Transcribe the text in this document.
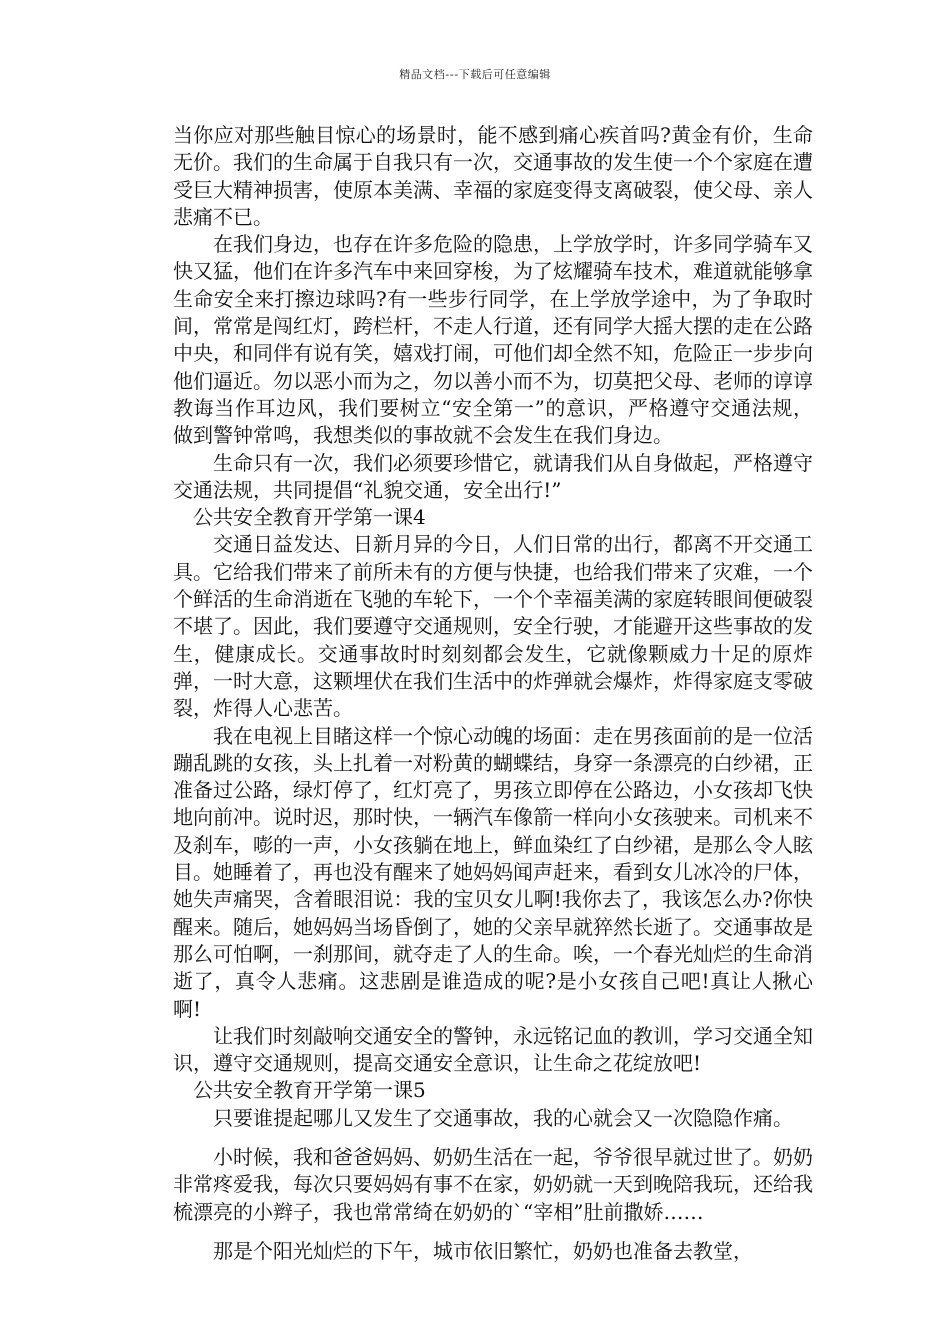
精品文档---下载后可任意编辑

当你应对那些触目惊心的场景时，能不感到痛心疾首吗?黄金有价，生命无价。我们的生命属于自我只有一次，交通事故的发生使一个个家庭在遭受巨大精神损害，使原本美满、幸福的家庭变得支离破裂，使父母、亲人悲痛不已。

在我们身边，也存在许多危险的隐患，上学放学时，许多同学骑车又快又猛，他们在许多汽车中来回穿梭，为了炫耀骑车技术，难道就能够拿生命安全来打擦边球吗?有一些步行同学，在上学放学途中，为了争取时间，常常是闯红灯，跨栏杆，不走人行道，还有同学大摇大摆的走在公路中央，和同伴有说有笑，嬉戏打闹，可他们却全然不知，危险正一步步向他们逼近。勿以恶小而为之，勿以善小而不为，切莫把父母、老师的谆谆教诲当作耳边风，我们要树立“安全第一”的意识，严格遵守交通法规，做到警钟常鸣，我想类似的事故就不会发生在我们身边。

生命只有一次，我们必须要珍惜它，就请我们从自身做起，严格遵守交通法规，共同提倡“礼貌交通，安全出行!”

公共安全教育开学第一课4

交通日益发达、日新月异的今日，人们日常的出行，都离不开交通工具。它给我们带来了前所未有的方便与快捷，也给我们带来了灾难，一个个鲜活的生命消逝在飞驰的车轮下，一个个幸福美满的家庭转眼间便破裂不堪了。因此，我们要遵守交通规则，安全行驶，才能避开这些事故的发生，健康成长。交通事故时时刻刻都会发生，它就像颗威力十足的原炸弹，一时大意，这颗埋伏在我们生活中的炸弹就会爆炸，炸得家庭支零破裂，炸得人心悲苦。

我在电视上目睹这样一个惊心动魄的场面：走在男孩面前的是一位活蹦乱跳的女孩，头上扎着一对粉黄的蝴蝶结，身穿一条漂亮的白纱裙，正准备过公路，绿灯停了，红灯亮了，男孩立即停在公路边，小女孩却飞快地向前冲。说时迟，那时快，一辆汽车像箭一样向小女孩驶来。司机来不及刹车，嘭的一声，小女孩躺在地上，鲜血染红了白纱裙，是那么令人眩目。她睡着了，再也没有醒来了她妈妈闻声赶来，看到女儿冰冷的尸体，她失声痛哭，含着眼泪说：我的宝贝女儿啊!我你去了，我该怎么办?你快醒来。随后，她妈妈当场昏倒了，她的父亲早就猝然长逝了。交通事故是那么可怕啊，一刹那间，就夺走了人的生命。唉，一个春光灿烂的生命消逝了，真令人悲痛。这悲剧是谁造成的呢?是小女孩自己吧!真让人揪心啊!

让我们时刻敲响交通安全的警钟，永远铭记血的教训，学习交通全知识，遵守交通规则，提高交通安全意识，让生命之花绽放吧!

公共安全教育开学第一课5

只要谁提起哪儿又发生了交通事故，我的心就会又一次隐隐作痛。

小时候，我和爸爸妈妈、奶奶生活在一起，爷爷很早就过世了。奶奶非常疼爱我，每次只要妈妈有事不在家，奶奶就一天到晚陪我玩，还给我梳漂亮的小辫子，我也常常绮在奶奶的`“宰相”肚前撒娇……

那是个阳光灿烂的下午，城市依旧繁忙，奶奶也准备去教堂，
